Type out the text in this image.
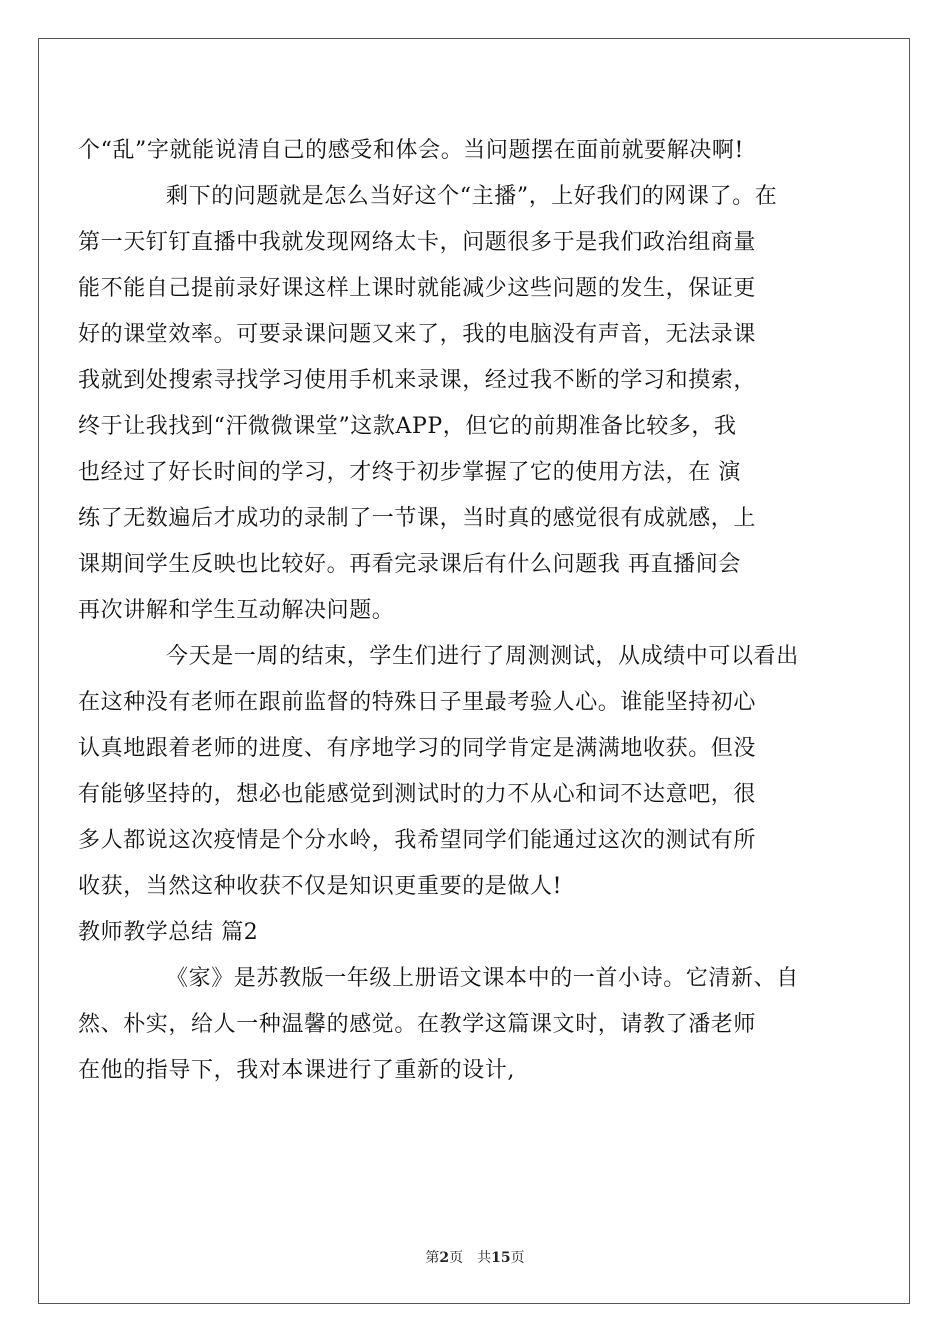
个“乱”字就能说清自己的感受和体会。当问题摆在面前就要解决啊!
剩下的问题就是怎么当好这个“主播”，上好我们的网课了。在
第一天钉钉直播中我就发现网络太卡，问题很多于是我们政治组商量
能不能自己提前录好课这样上课时就能减少这些问题的发生，保证更
好的课堂效率。可要录课问题又来了，我的电脑没有声音，无法录课
我就到处搜索寻找学习使用手机来录课，经过我不断的学习和摸索，
终于让我找到“汗微微课堂”这款APP，但它的前期准备比较多，我
也经过了好长时间的学习，才终于初步掌握了它的使用方法，在 演
练了无数遍后才成功的录制了一节课，当时真的感觉很有成就感，上
课期间学生反映也比较好。再看完录课后有什么问题我 再直播间会
再次讲解和学生互动解决问题。
今天是一周的结束，学生们进行了周测测试，从成绩中可以看出
在这种没有老师在跟前监督的特殊日子里最考验人心。谁能坚持初心
认真地跟着老师的进度、有序地学习的同学肯定是满满地收获。但没
有能够坚持的，想必也能感觉到测试时的力不从心和词不达意吧，很
多人都说这次疫情是个分水岭，我希望同学们能通过这次的测试有所
收获，当然这种收获不仅是知识更重要的是做人!
教师教学总结 篇2
《家》是苏教版一年级上册语文课本中的一首小诗。它清新、自
然、朴实，给人一种温馨的感觉。在教学这篇课文时，请教了潘老师
在他的指导下，我对本课进行了重新的设计,
第2页 共15页
